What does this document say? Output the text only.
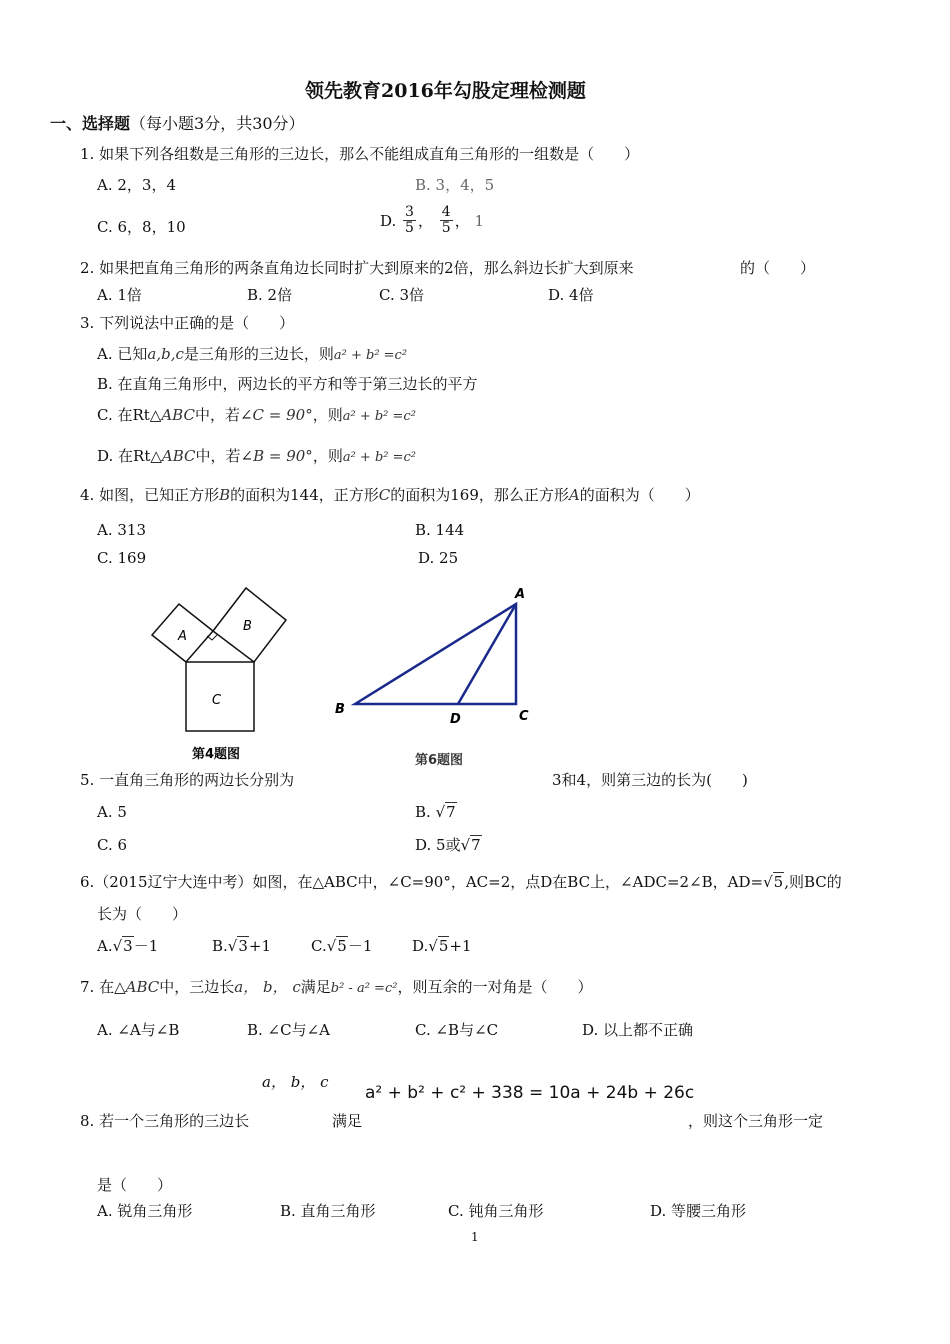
领先教育2016年勾股定理检测题
一、选择题（每小题3分，共30分）
1. 如果下列各组数是三角形的三边长，那么不能组成直角三角形的一组数是（　　）
A. 2，3，4	B. 3，4，5
C. 6，8，10	D. $\frac{3}{5}$ ， $\frac{4}{5}$ ， 1
2. 如果把直角三角形的两条直角边长同时扩大到原来的2倍，那么斜边长扩大到原来	的（　　）
A. 1倍	B. 2倍	C. 3倍	D. 4倍
3. 下列说法中正确的是（　　）
A. 已知a,b,c是三角形的三边长，则a² + b² =c²
B. 在直角三角形中，两边长的平方和等于第三边长的平方
C. 在Rt△ABC中，若∠C = 90°，则a² + b² =c²
D. 在Rt△ABC中，若∠B = 90°，则a² + b² =c²
4. 如图，已知正方形B的面积为144，正方形C的面积为169，那么正方形A的面积为（　　）
A. 313	B. 144
C. 169	D. 25
A
B
C
第4题图
A
B	C
D
第6题图
5. 一直角三角形的两边长分别为	3和4，则第三边的长为(　　)
A. 5	B. √7
C. 6	D. 5或√7
6.（2015辽宁大连中考）如图，在△ABC中，∠C=90°，AC=2，点D在BC上，∠ADC=2∠B，AD=√5,则BC的
长为（　　）
A.√3－1	B.√3+1	C.√5－1	D.√5+1
7. 在△ABC中，三边长a， b， c满足b² - a² =c²，则互余的一对角是（　　）
A. ∠A与∠B	B. ∠C与∠A	C. ∠B与∠C	D. 以上都不正确
a， b， c
a² + b² + c² + 338 = 10a + 24b + 26c
8. 若一个三角形的三边长	满足	，则这个三角形一定
是（　　）
A. 锐角三角形	B. 直角三角形	C. 钝角三角形	D. 等腰三角形
1
